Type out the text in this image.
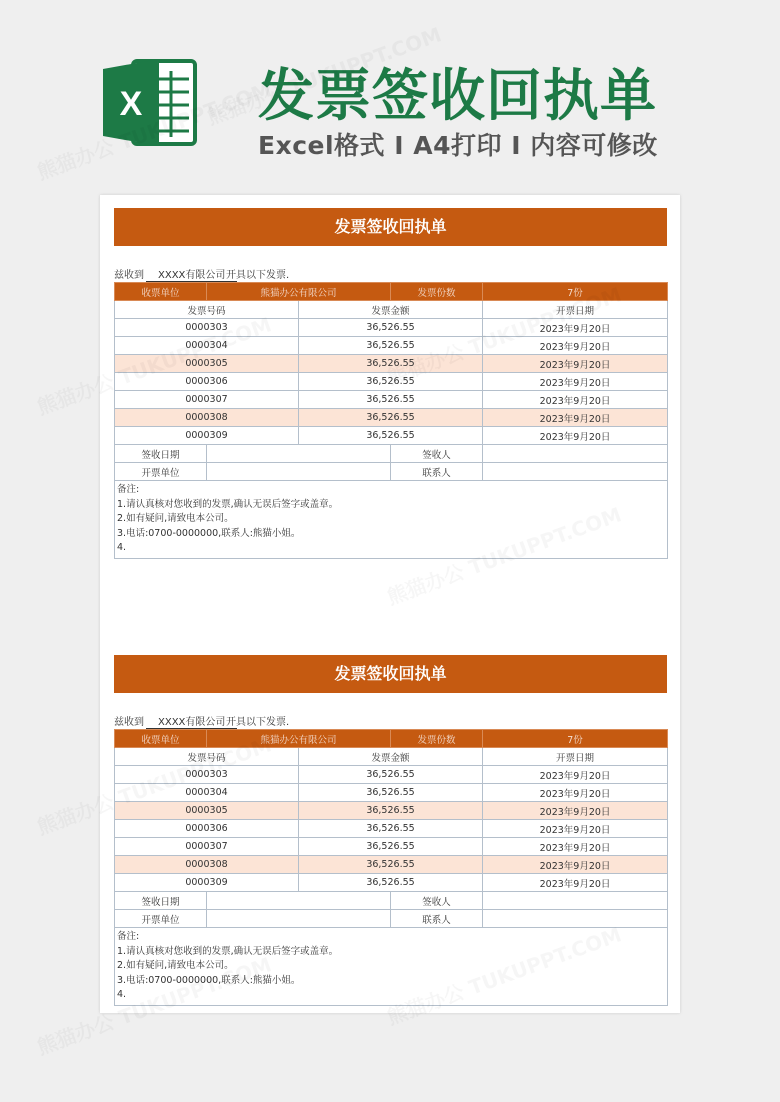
X 发票签收回执单
Excel格式 I A4打印 I 内容可修改
发票签收回执单
兹收到	XXXX有限公司 开具以下发票.
收票单位	熊猫办公有限公司		发票份数	7份
发票号码		发票金额		开票日期
0000303		36,526.55		2023年9月20日
0000304		36,526.55		2023年9月20日
0000305		36,526.55		2023年9月20日
0000306		36,526.55		2023年9月20日
0000307		36,526.55		2023年9月20日
0000308		36,526.55		2023年9月20日
0000309		36,526.55		2023年9月20日
签收日期			签收人	
开票单位			联系人	

备注:
1.请认真核对您收到的发票,确认无误后签字或盖章。
2.如有疑问,请致电本公司。
3.电话:0700-0000000,联系人:熊猫小姐。
4.				
发票签收回执单
兹收到	XXXX有限公司 开具以下发票.
收票单位	熊猫办公有限公司		发票份数	7份
发票号码		发票金额		开票日期
0000303		36,526.55		2023年9月20日
0000304		36,526.55		2023年9月20日
0000305		36,526.55		2023年9月20日
0000306		36,526.55		2023年9月20日
0000307		36,526.55		2023年9月20日
0000308		36,526.55		2023年9月20日
0000309		36,526.55		2023年9月20日
签收日期			签收人	
开票单位			联系人	

备注:
1.请认真核对您收到的发票,确认无误后签字或盖章。
2.如有疑问,请致电本公司。
3.电话:0700-0000000,联系人:熊猫小姐。
4.				
